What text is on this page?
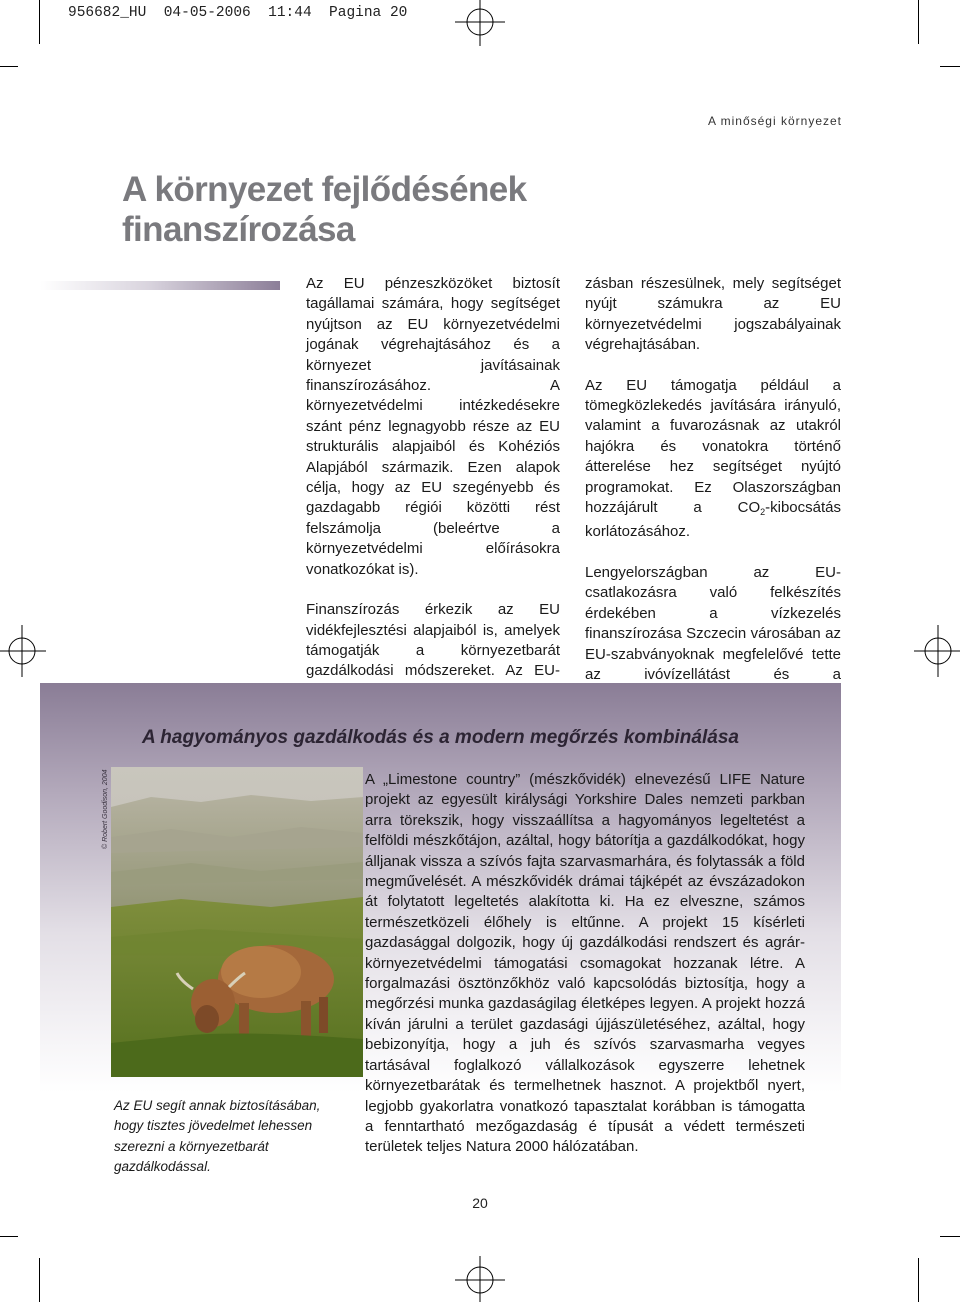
956682_HU  04-05-2006  11:44  Pagina 20
A minőségi környezet
A környezet fejlődésének
finanszírozása

Az EU pénzeszközöket biztosít tagállamai számára, hogy segítséget nyújtson az EU környezetvédelmi jogának végrehajtásához és a környezet javításainak finanszírozásához. A környezetvédelmi intézkedésekre szánt pénz legnagyobb része az EU strukturális alapjaiból és Kohéziós Alapjából származik. Ezen alapok célja, hogy az EU szegényebb és gazdagabb régiói közötti rést felszámolja (beleértve a környezetvédelmi előírásokra vonatkozókat is).

Finanszírozás érkezik az EU vidékfejlesztési alapjaiból is, amelyek támogatják a környezetbarát gazdálkodási módszereket. Az EU-

zásban részesülnek, mely segítséget nyújt számukra az EU környezetvédelmi jogszabályainak végrehajtásában.

Az EU támogatja például a tömegközlekedés javítására irányuló, valamint a fuvarozásnak az utakról hajókra és vonatokra történő átterelése hez segítséget nyújtó programokat. Ez Olaszországban hozzájárult a $CO_2$-kibocsátás korlátozásához.

Lengyelországban az EU-csatlakozásra való felkészítés érdekében a vízkezelés finanszírozása Szczecin városában az EU-szabványoknak megfelelővé tette az ivóvízellátást és a

A hagyományos gazdálkodás és a modern megőrzés kombinálása
© Robert Goodison, 2004
Az EU segít annak biztosításában, hogy tisztes jövedelmet lehessen szerezni a környezetbarát gazdálkodással.
A „Limestone country” (mészkővidék) elnevezésű LIFE Nature projekt az egyesült királysági Yorkshire Dales nemzeti parkban arra törekszik, hogy visszaállítsa a hagyományos legeltetést a felföldi mészkőtájon, azáltal, hogy bátorítja a gazdálkodókat, hogy álljanak vissza a szívós fajta szarvasmarhára, és folytassák a föld megművelését. A mészkővidék drámai tájképét az évszázadokon át folytatott legeltetés alakította ki. Ha ez elveszne, számos természetközeli élőhely is eltűnne. A projekt 15 kísérleti gazdasággal dolgozik, hogy új gazdálkodási rendszert és agrár-környezetvédelmi támogatási csomagokat hozzanak létre. A forgalmazási ösztönzőkhöz való kapcsolódás biztosítja, hogy a megőrzési munka gazdaságilag életképes legyen. A projekt hozzá kíván járulni a terület gazdasági újjászületéséhez, azáltal, hogy bebizonyítja, hogy a juh és szívós szarvasmarha vegyes tartásával foglalkozó vállalkozások egyszerre lehetnek környezetbarátak és termelhetnek hasznot. A projektből nyert, legjobb gyakorlatra vonatkozó tapasztalat korábban is támogatta a fenntartható mezőgazdaság é típusát a védett természeti területek teljes Natura 2000 hálózatában.
20
